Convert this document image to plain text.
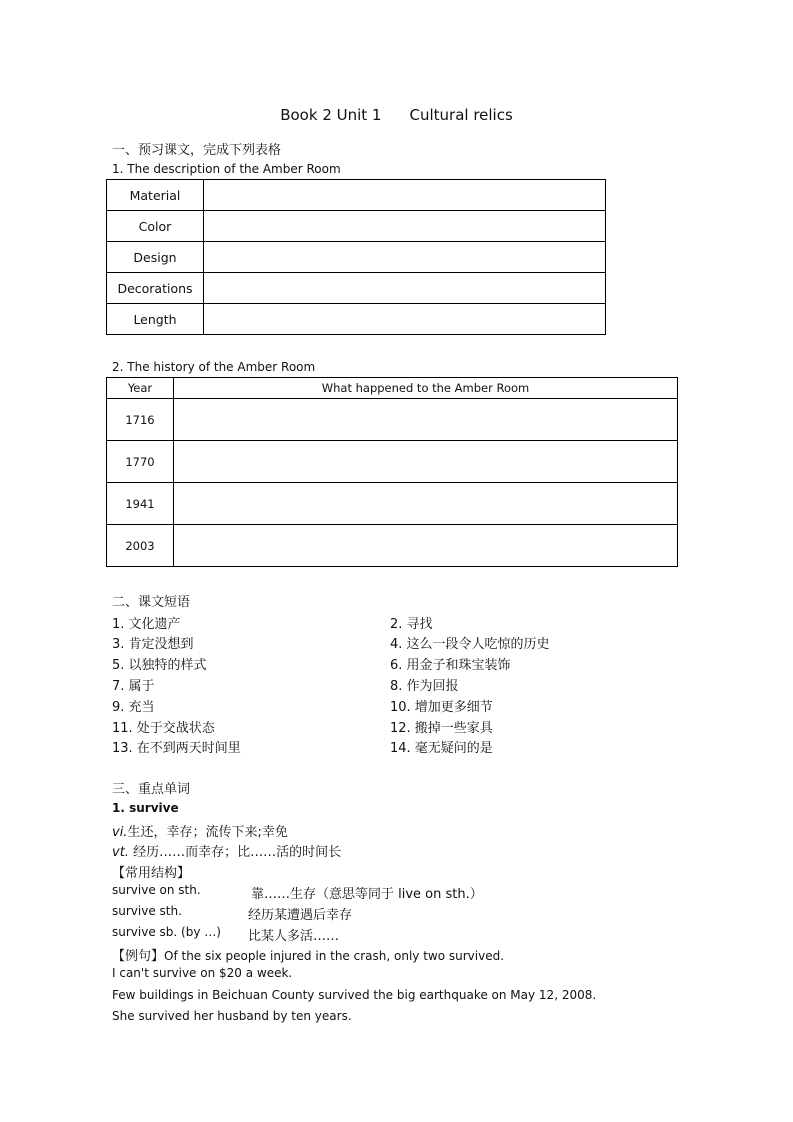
Book 2 Unit 1 Cultural relics
一、预习课文，完成下列表格
1. The description of the Amber Room
Material	
Color	
Design	
Decorations	
Length	
2. The history of the Amber Room
Year	What happened to the Amber Room
1716	
1770	
1941	
2003	
二、课文短语
1. 文化遗产	2. 寻找
3. 肯定没想到	4. 这么一段令人吃惊的历史
5. 以独特的样式	6. 用金子和珠宝装饰
7. 属于	8. 作为回报
9. 充当	10. 增加更多细节
11. 处于交战状态	12. 搬掉一些家具
13. 在不到两天时间里	14. 毫无疑问的是
三、重点单词
1. survive
vi.生还，幸存；流传下来;幸免
vt. 经历……而幸存；比……活的时间长
【常用结构】
survive on sth.	靠……生存（意思等同于 live on sth.）
survive sth.	经历某遭遇后幸存
survive sb. (by …) 比某人多活……
【例句】Of the six people injured in the crash, only two survived.
I can't survive on $20 a week.
Few buildings in Beichuan County survived the big earthquake on May 12, 2008.
She survived her husband by ten years.
